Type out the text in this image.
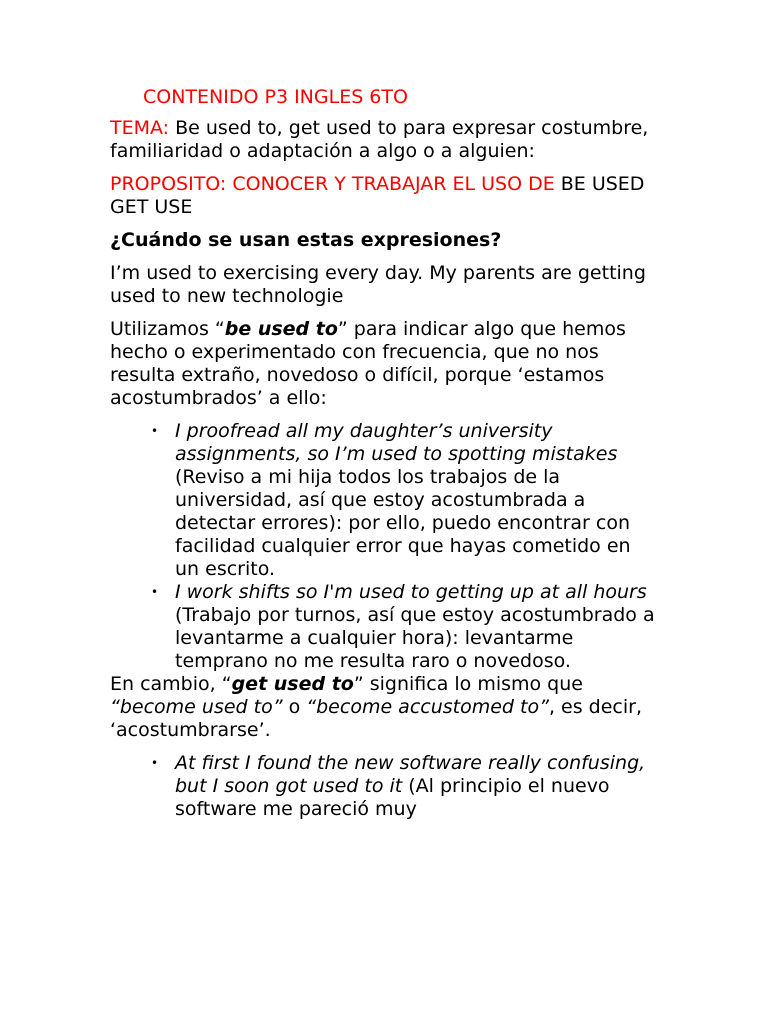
CONTENIDO P3 INGLES 6TO
TEMA: Be used to, get used to para expresar costumbre, familiaridad o adaptación a algo o a alguien:
PROPOSITO: CONOCER Y TRABAJAR EL USO DE BE USED GET USE
¿Cuándo se usan estas expresiones?
I’m used to exercising every day. My parents are getting used to new technologie
Utilizamos “be used to” para indicar algo que hemos hecho o experimentado con frecuencia, que no nos resulta extraño, novedoso o difícil, porque ‘estamos acostumbrados’ a ello:
• I proofread all my daughter’s university assignments, so I’m used to spotting mistakes (Reviso a mi hija todos los trabajos de la universidad, así que estoy acostumbrada a detectar errores): por ello, puedo encontrar con facilidad cualquier error que hayas cometido en un escrito.
• I work shifts so I'm used to getting up at all hours (Trabajo por turnos, así que estoy acostumbrado a levantarme a cualquier hora): levantarme temprano no me resulta raro o novedoso.
En cambio, “get used to” significa lo mismo que “become used to” o “become accustomed to”, es decir, ‘acostumbrarse’.
• At first I found the new software really confusing, but I soon got used to it (Al principio el nuevo software me pareció muy
